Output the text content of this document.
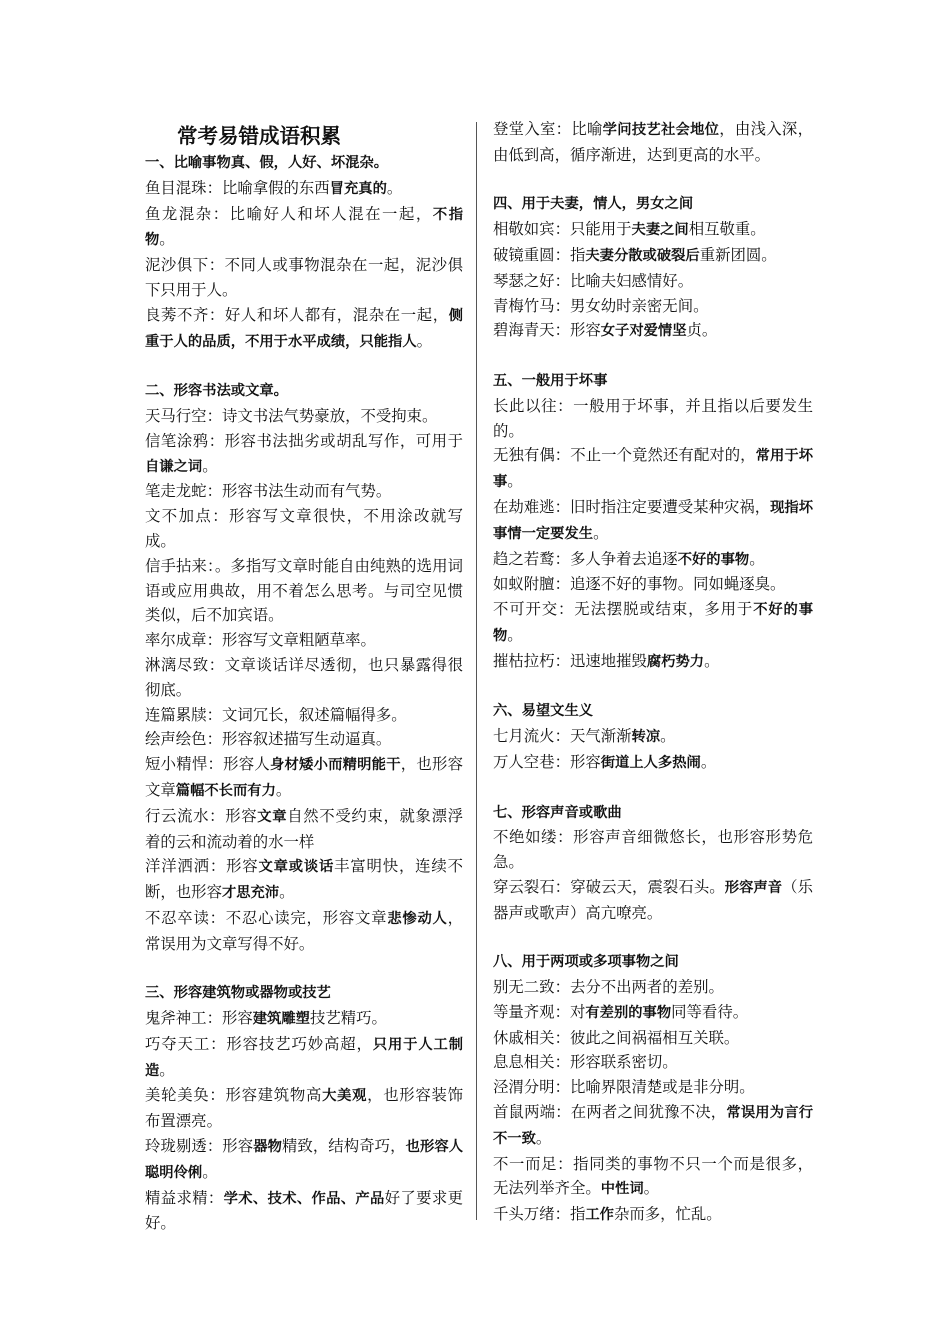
常考易错成语积累
一、比喻事物真、假，人好、坏混杂。

鱼目混珠：比喻拿假的东西冒充真的。

鱼龙混杂：比喻好人和坏人混在一起，不指物。

泥沙俱下：不同人或事物混杂在一起，泥沙俱下只用于人。

良莠不齐：好人和坏人都有，混杂在一起，侧重于人的品质，不用于水平成绩，只能指人。

二、形容书法或文章。

天马行空：诗文书法气势豪放，不受拘束。

信笔涂鸦：形容书法拙劣或胡乱写作，可用于自谦之词。

笔走龙蛇：形容书法生动而有气势。

文不加点：形容写文章很快，不用涂改就写成。

信手拈来：。多指写文章时能自由纯熟的选用词语或应用典故，用不着怎么思考。与司空见惯类似，后不加宾语。

率尔成章：形容写文章粗陋草率。

淋漓尽致：文章谈话详尽透彻，也只暴露得很彻底。

连篇累牍：文词冗长，叙述篇幅得多。

绘声绘色：形容叙述描写生动逼真。

短小精悍：形容人身材矮小而精明能干，也形容文章篇幅不长而有力。

行云流水：形容文章自然不受约束，就象漂浮着的云和流动着的水一样

洋洋洒洒：形容文章或谈话丰富明快，连续不断，也形容才思充沛。

不忍卒读：不忍心读完，形容文章悲惨动人，常误用为文章写得不好。

三、形容建筑物或器物或技艺

鬼斧神工：形容建筑雕塑技艺精巧。

巧夺天工：形容技艺巧妙高超，只用于人工制造。

美轮美奂：形容建筑物高大美观，也形容装饰布置漂亮。

玲珑剔透：形容器物精致，结构奇巧，也形容人聪明伶俐。

精益求精：学术、技术、作品、产品好了要求更好。

登堂入室：比喻学问技艺社会地位，由浅入深，由低到高，循序渐进，达到更高的水平。

四、用于夫妻，情人，男女之间

相敬如宾：只能用于夫妻之间相互敬重。

破镜重圆：指夫妻分散或破裂后重新团圆。

琴瑟之好：比喻夫妇感情好。

青梅竹马：男女幼时亲密无间。

碧海青天：形容女子对爱情坚贞。

五、一般用于坏事

长此以往：一般用于坏事，并且指以后要发生的。

无独有偶：不止一个竟然还有配对的，常用于坏事。

在劫难逃：旧时指注定要遭受某种灾祸，现指坏事情一定要发生。

趋之若鹜：多人争着去追逐不好的事物。

如蚁附膻：追逐不好的事物。同如蝇逐臭。

不可开交：无法摆脱或结束，多用于不好的事物。

摧枯拉朽：迅速地摧毁腐朽势力。

六、易望文生义

七月流火：天气渐渐转凉。

万人空巷：形容街道上人多热闹。

七、形容声音或歌曲

不绝如缕：形容声音细微悠长，也形容形势危急。

穿云裂石：穿破云天，震裂石头。形容声音（乐器声或歌声）高亢嘹亮。

八、用于两项或多项事物之间

别无二致：去分不出两者的差别。

等量齐观：对有差别的事物同等看待。

休戚相关：彼此之间祸福相互关联。

息息相关：形容联系密切。

泾渭分明：比喻界限清楚或是非分明。

首鼠两端：在两者之间犹豫不决，常误用为言行不一致。

不一而足：指同类的事物不只一个而是很多，无法列举齐全。中性词。

千头万绪：指工作杂而多，忙乱。
